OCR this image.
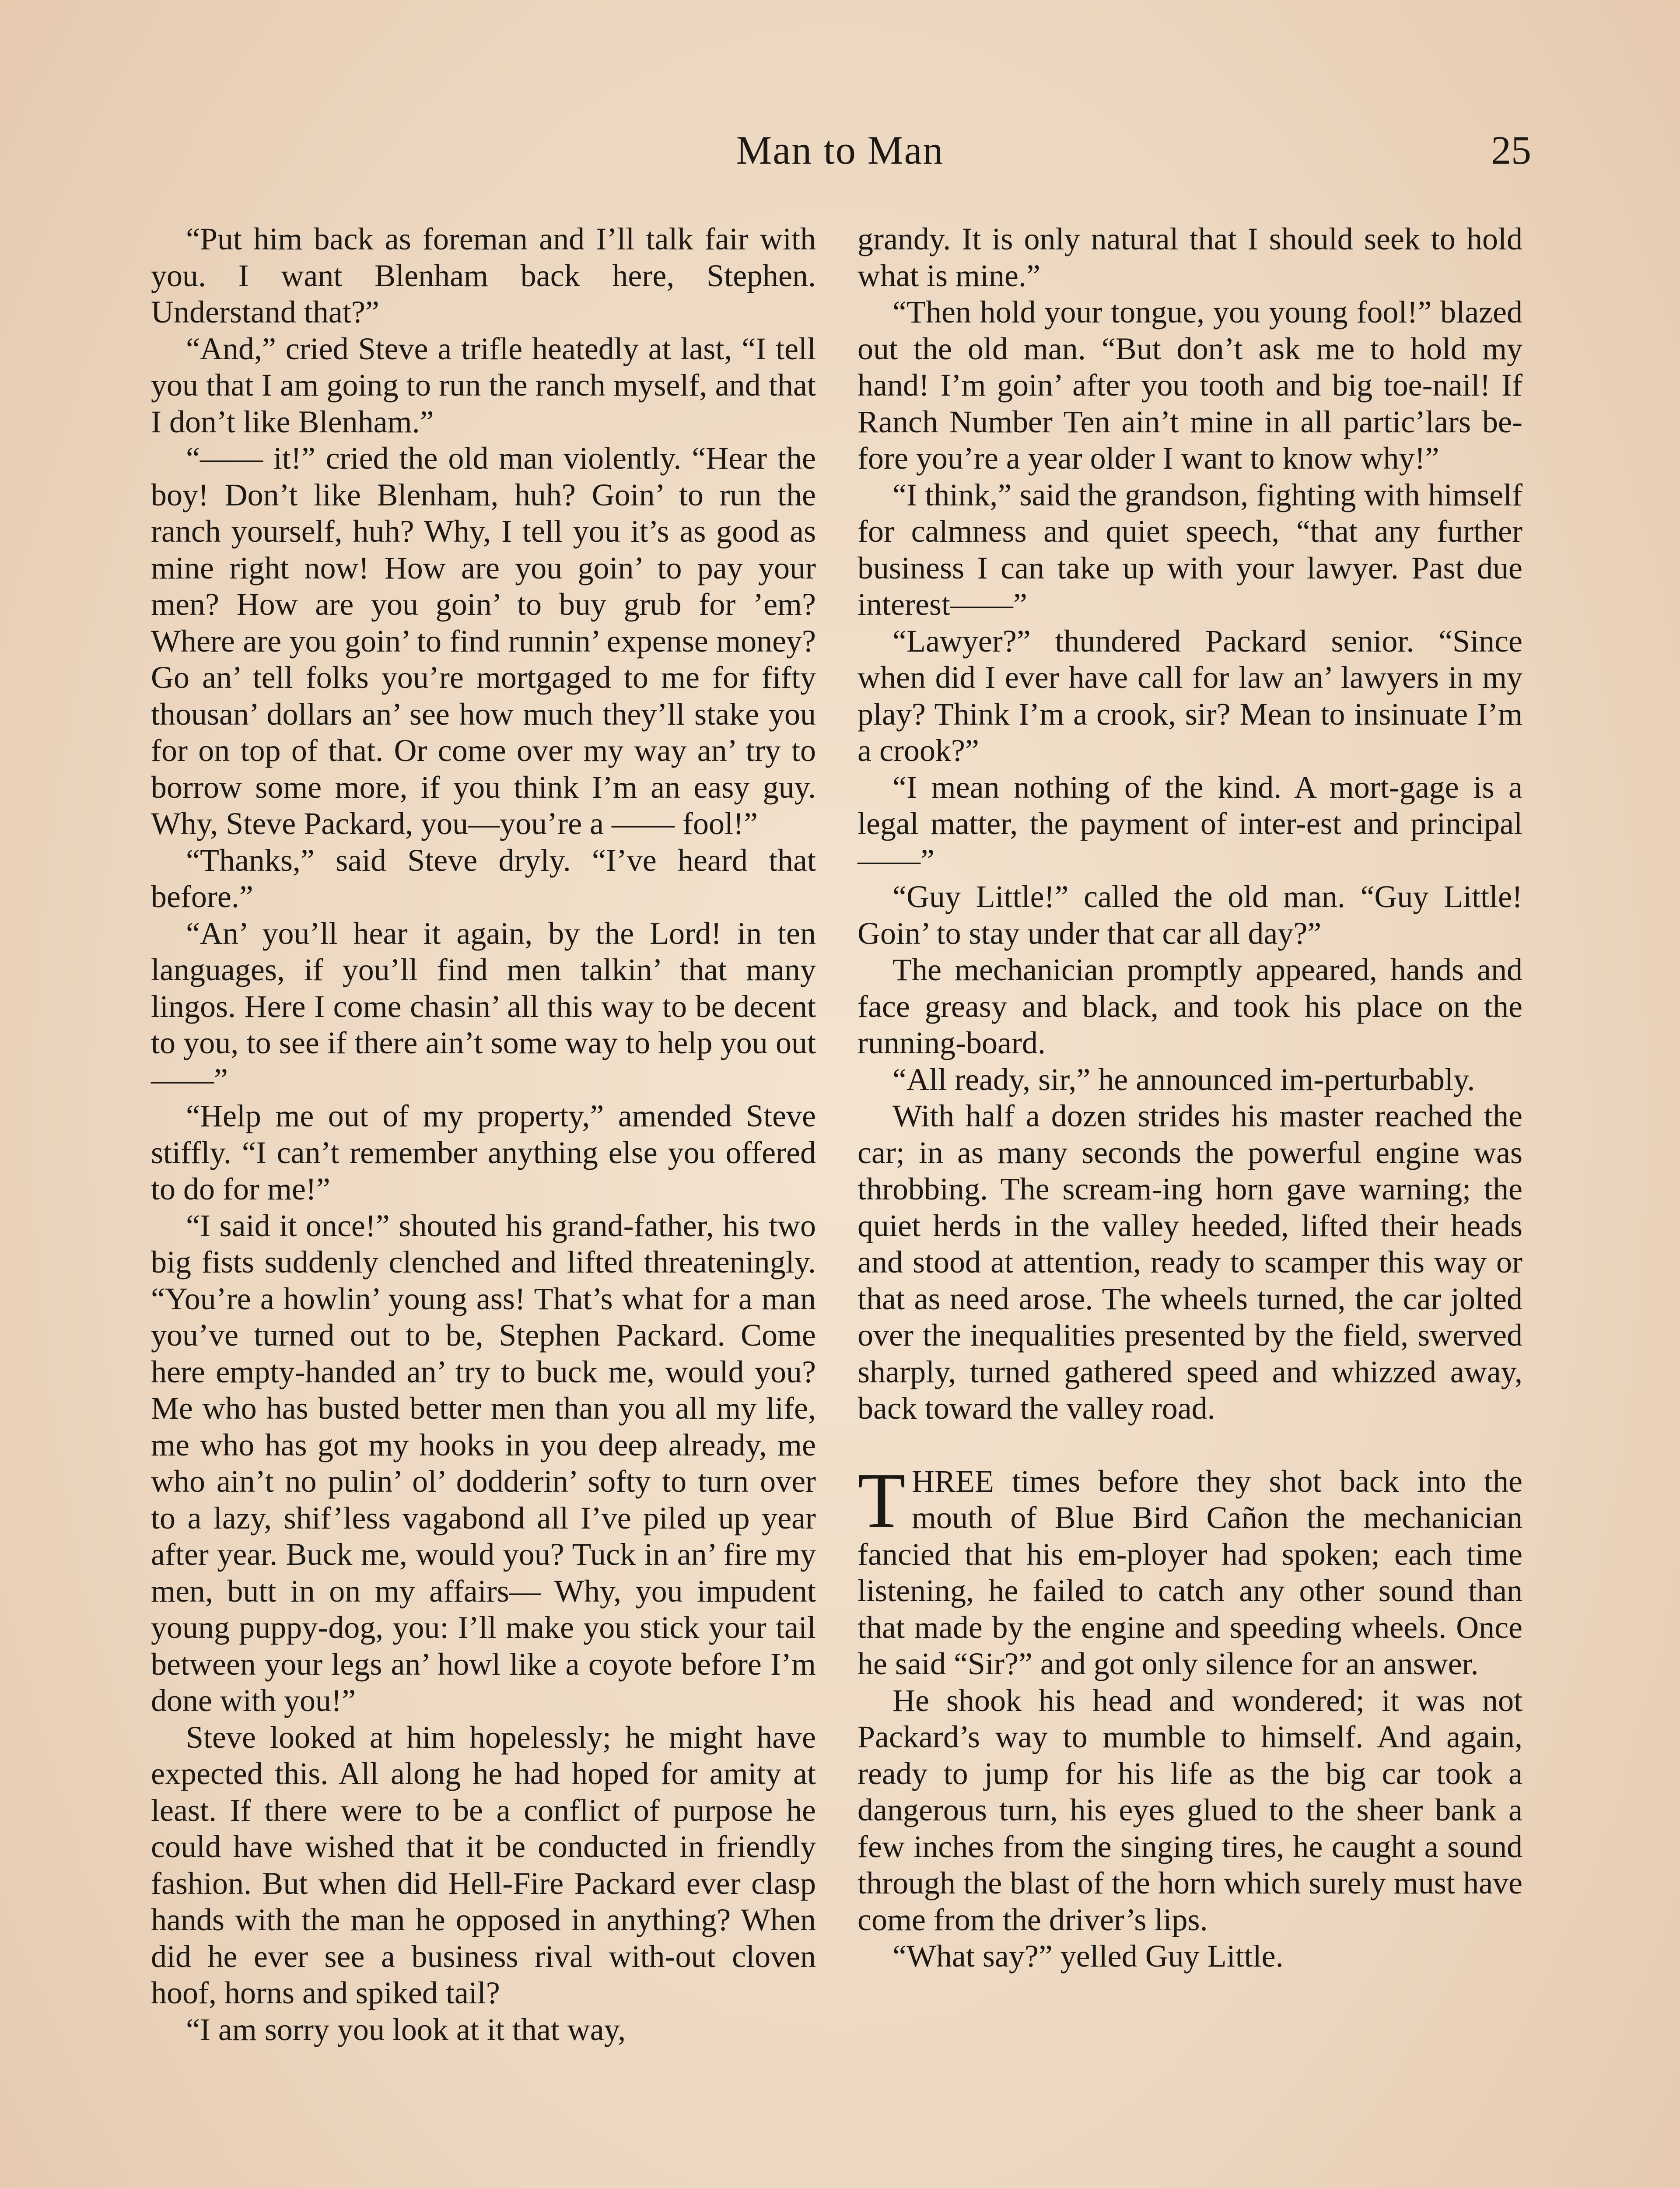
Man to Man	25

“Put him back as foreman and I’ll talk fair with you. I want Blenham back here, Stephen. Understand that?”

“And,” cried Steve a trifle heatedly at last, “I tell you that I am going to run the ranch myself, and that I don’t like Blenham.”

“—— it!” cried the old man violently. “Hear the boy! Don’t like Blenham, huh? Goin’ to run the ranch yourself, huh? Why, I tell you it’s as good as mine right now! How are you goin’ to pay your men? How are you goin’ to buy grub for ’em? Where are you goin’ to find runnin’ expense money? Go an’ tell folks you’re mortgaged to me for fifty thousan’ dollars an’ see how much they’ll stake you for on top of that. Or come over my way an’ try to borrow some more, if you think I’m an easy guy. Why, Steve Packard, you—you’re a —— fool!”

“Thanks,” said Steve dryly. “I’ve heard that before.”

“An’ you’ll hear it again, by the Lord! in ten languages, if you’ll find men talkin’ that many lingos. Here I come chasin’ all this way to be decent to you, to see if there ain’t some way to help you out——”

“Help me out of my property,” amended Steve stiffly. “I can’t remember anything else you offered to do for me!”

“I said it once!” shouted his grand-father, his two big fists suddenly clenched and lifted threateningly. “You’re a howlin’ young ass! That’s what for a man you’ve turned out to be, Stephen Packard. Come here empty-handed an’ try to buck me, would you? Me who has busted better men than you all my life, me who has got my hooks in you deep already, me who ain’t no pulin’ ol’ dodderin’ softy to turn over to a lazy, shif’less vagabond all I’ve piled up year after year. Buck me, would you? Tuck in an’ fire my men, butt in on my affairs— Why, you impudent young puppy-dog, you: I’ll make you stick your tail between your legs an’ howl like a coyote before I’m done with you!”

Steve looked at him hopelessly; he might have expected this. All along he had hoped for amity at least. If there were to be a conflict of purpose he could have wished that it be conducted in friendly fashion. But when did Hell-Fire Packard ever clasp hands with the man he opposed in anything? When did he ever see a business rival with-out cloven hoof, horns and spiked tail?

“I am sorry you look at it that way,

grandy. It is only natural that I should seek to hold what is mine.”

“Then hold your tongue, you young fool!” blazed out the old man. “But don’t ask me to hold my hand! I’m goin’ after you tooth and big toe-nail! If Ranch Number Ten ain’t mine in all partic’lars be-fore you’re a year older I want to know why!”

“I think,” said the grandson, fighting with himself for calmness and quiet speech, “that any further business I can take up with your lawyer. Past due interest——”

“Lawyer?” thundered Packard senior. “Since when did I ever have call for law an’ lawyers in my play? Think I’m a crook, sir? Mean to insinuate I’m a crook?”

“I mean nothing of the kind. A mort-gage is a legal matter, the payment of inter-est and principal——”

“Guy Little!” called the old man. “Guy Little! Goin’ to stay under that car all day?”

The mechanician promptly appeared, hands and face greasy and black, and took his place on the running-board.

“All ready, sir,” he announced im-perturbably.

With half a dozen strides his master reached the car; in as many seconds the powerful engine was throbbing. The scream-ing horn gave warning; the quiet herds in the valley heeded, lifted their heads and stood at attention, ready to scamper this way or that as need arose. The wheels turned, the car jolted over the inequalities presented by the field, swerved sharply, turned gathered speed and whizzed away, back toward the valley road.

THREE times before they shot back into the mouth of Blue Bird Cañon the mechanician fancied that his em-ployer had spoken; each time listening, he failed to catch any other sound than that made by the engine and speeding wheels. Once he said “Sir?” and got only silence for an answer.

He shook his head and wondered; it was not Packard’s way to mumble to himself. And again, ready to jump for his life as the big car took a dangerous turn, his eyes glued to the sheer bank a few inches from the singing tires, he caught a sound through the blast of the horn which surely must have come from the driver’s lips.

“What say?” yelled Guy Little.
